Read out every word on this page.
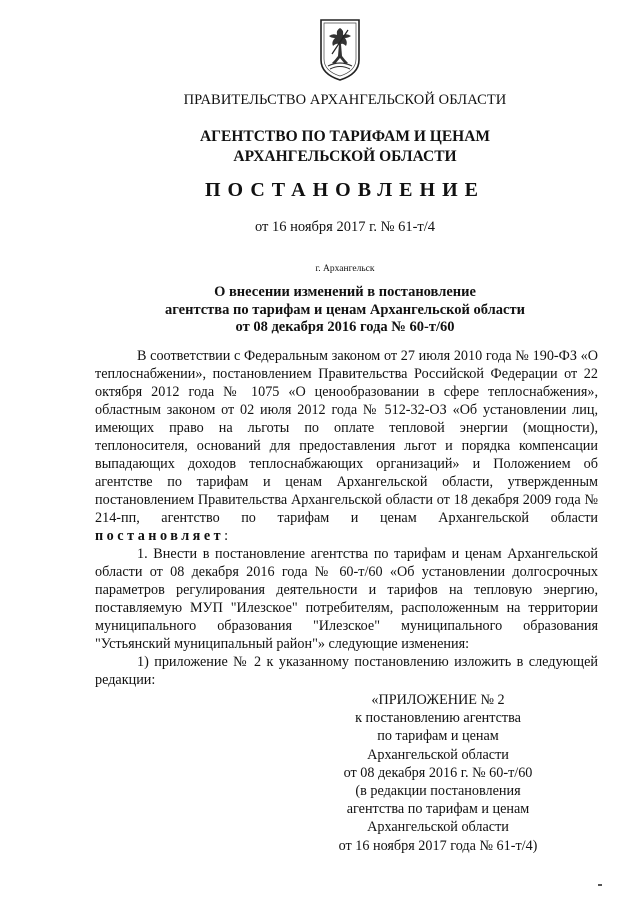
ПРАВИТЕЛЬСТВО АРХАНГЕЛЬСКОЙ ОБЛАСТИ
АГЕНТСТВО ПО ТАРИФАМ И ЦЕНАМ
АРХАНГЕЛЬСКОЙ ОБЛАСТИ
ПОСТАНОВЛЕНИЕ
от 16 ноября 2017 г. № 61-т/4
г. Архангельск
О внесении изменений в постановление
агентства по тарифам и ценам Архангельской области
от 08 декабря 2016 года № 60-т/60

В соответствии с Федеральным законом от 27 июля 2010 года № 190-ФЗ «О теплоснабжении», постановлением Правительства Российской Федерации от 22 октября 2012 года № 1075 «О ценообразовании в сфере теплоснабжения», областным законом от 02 июля 2012 года № 512-32-ОЗ «Об установлении лиц, имеющих право на льготы по оплате тепловой энергии (мощности), теплоносителя, оснований для предоставления льгот и порядка компенсации выпадающих доходов теплоснабжающих организаций» и Положением об агентстве по тарифам и ценам Архангельской области, утвержденным постановлением Правительства Архангельской области от 18 декабря 2009 года № 214-пп, агентство по тарифам и ценам Архангельской области постановляет:

1. Внести в постановление агентства по тарифам и ценам Архангельской области от 08 декабря 2016 года № 60-т/60 «Об установлении долгосрочных параметров регулирования деятельности и тарифов на тепловую энергию, поставляемую МУП "Илезское" потребителям, расположенным на территории муниципального образования "Илезское" муниципального образования "Устьянский муниципальный район"» следующие изменения:

1) приложение № 2 к указанному постановлению изложить в следующей редакции:

«ПРИЛОЖЕНИЕ № 2
к постановлению агентства
по тарифам и ценам
Архангельской области
от 08 декабря 2016 г. № 60-т/60
(в редакции постановления
агентства по тарифам и ценам
Архангельской области
от 16 ноября 2017 года № 61-т/4)
